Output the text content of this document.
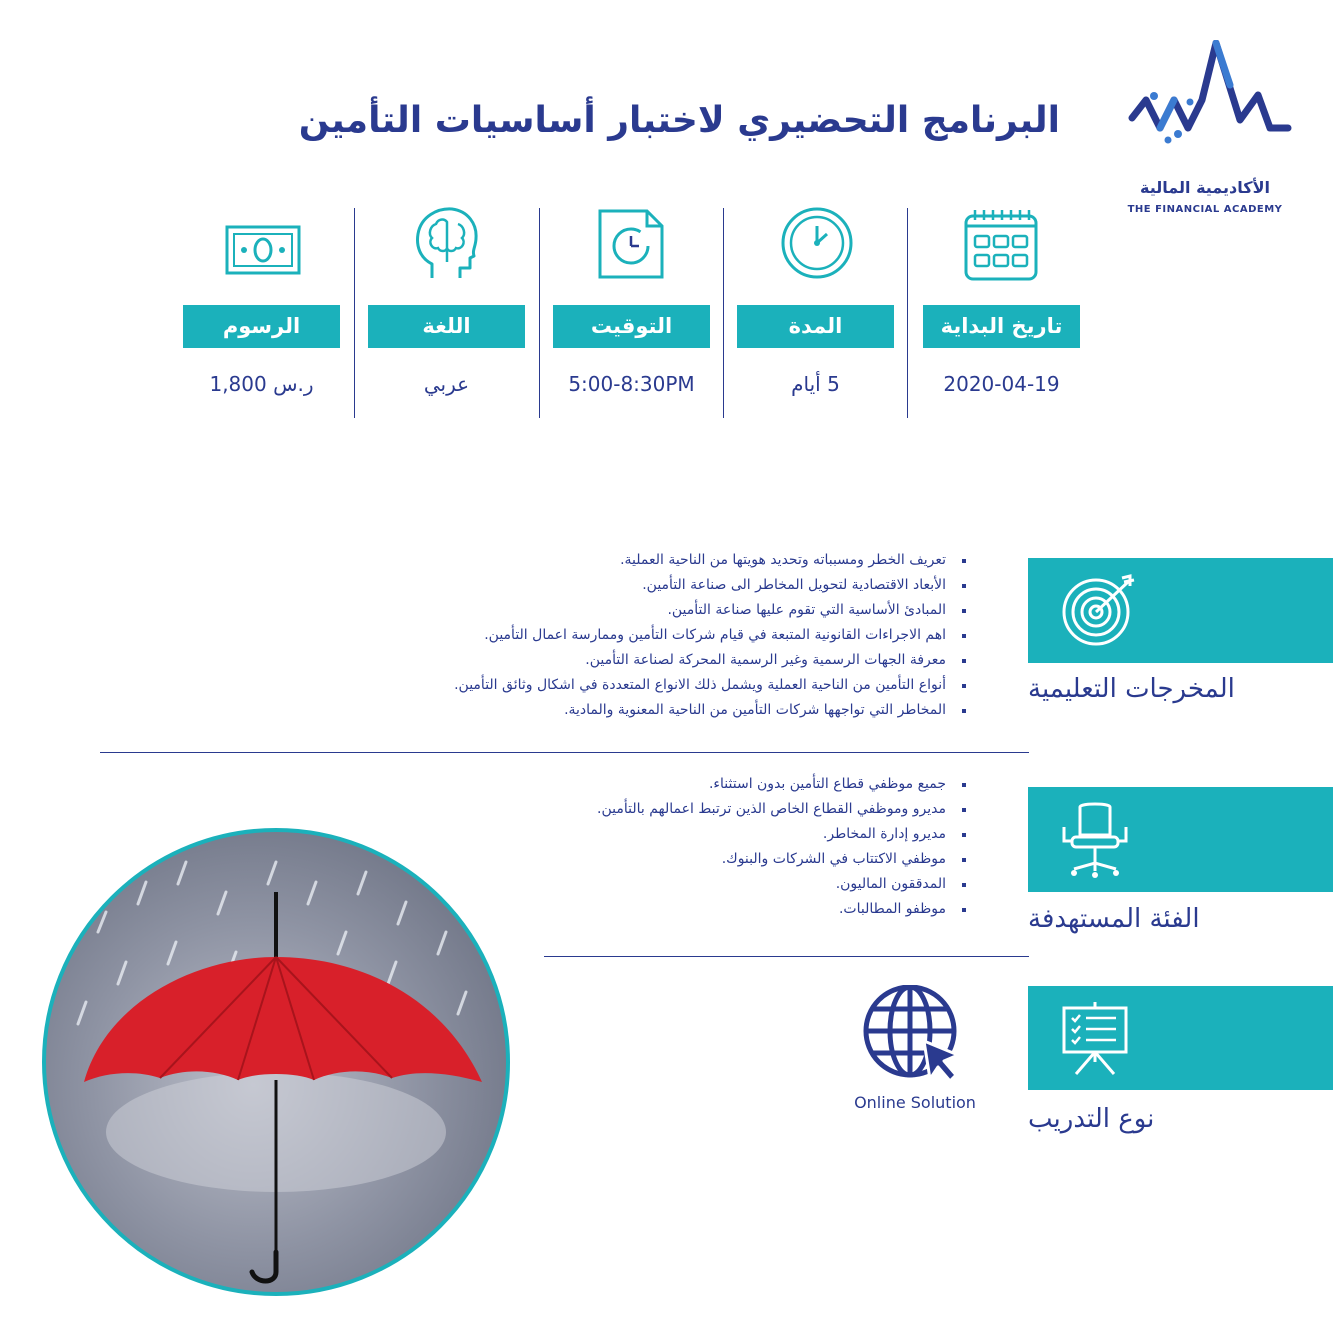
البرنامج التحضيري لاختبار أساسيات التأمين
الأكاديمية المالية
THE FINANCIAL ACADEMY
تاريخ البداية
المدة
التوقيت
اللغة
الرسوم
2020-04-19
5 أيام
5:00-8:30PM
عربي
1,800 ر.س
المخرجات التعليمية
تعريف الخطر ومسبباته وتحديد هويتها من الناحية العملية.
الأبعاد الاقتصادية لتحويل المخاطر الى صناعة التأمين.
المبادئ الأساسية التي تقوم عليها صناعة التأمين.
اهم الاجراءات القانونية المتبعة في قيام شركات التأمين وممارسة اعمال التأمين.
معرفة الجهات الرسمية وغير الرسمية المحركة لصناعة التأمين.
أنواع التأمين من الناحية العملية ويشمل ذلك الانواع المتعددة في اشكال وثائق التأمين.
المخاطر التي تواجهها شركات التأمين من الناحية المعنوية والمادية.
الفئة المستهدفة
جميع موظفي قطاع التأمين بدون استثناء.
مديرو وموظفي القطاع الخاص الذين ترتبط اعمالهم بالتأمين.
مديرو إدارة المخاطر.
موظفي الاكتتاب في الشركات والبنوك.
المدققون الماليون.
موظفو المطالبات.
نوع التدريب
Online Solution
